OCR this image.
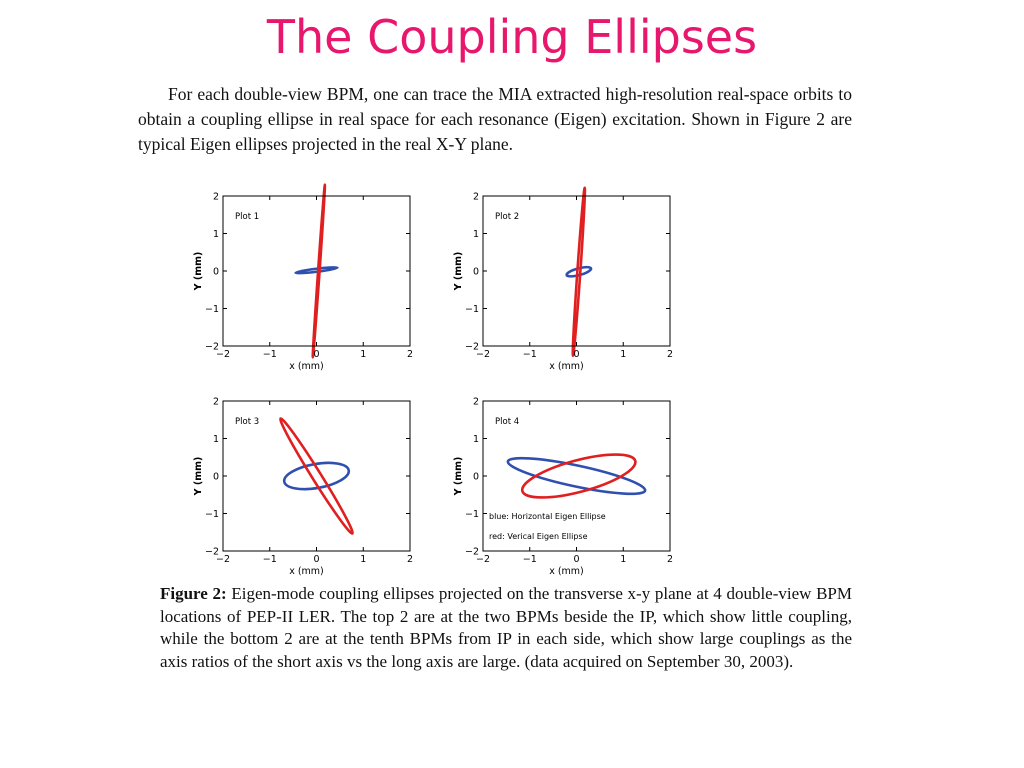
The Coupling Ellipses

For each double-view BPM, one can trace the MIA extracted high-resolution real-space orbits to obtain a coupling ellipse in real space for each resonance (Eigen) excitation. Shown in Figure 2 are typical Eigen ellipses projected in the real X-Y plane.

−2	−1	0	1	2
−2
−1
0
1
2
x (mm)
Y (mm)
Plot 1
−2	−1	0	1	2
−2
−1
0
1
2
x (mm)
Y (mm)
Plot 2
−2	−1	0	1	2
−2
−1
0
1
2
x (mm)
Y (mm)
Plot 3
−2	−1	0	1	2
−2
−1
0
1
2
x (mm)
Y (mm)
Plot 4
blue: Horizontal Eigen Ellipse
red: Verical Eigen Ellipse

Figure 2: Eigen-mode coupling ellipses projected on the transverse x-y plane at 4 double-view BPM locations of PEP-II LER. The top 2 are at the two BPMs beside the IP, which show little coupling, while the bottom 2 are at the tenth BPMs from IP in each side, which show large couplings as the axis ratios of the short axis vs the long axis are large. (data acquired on September 30, 2003).
